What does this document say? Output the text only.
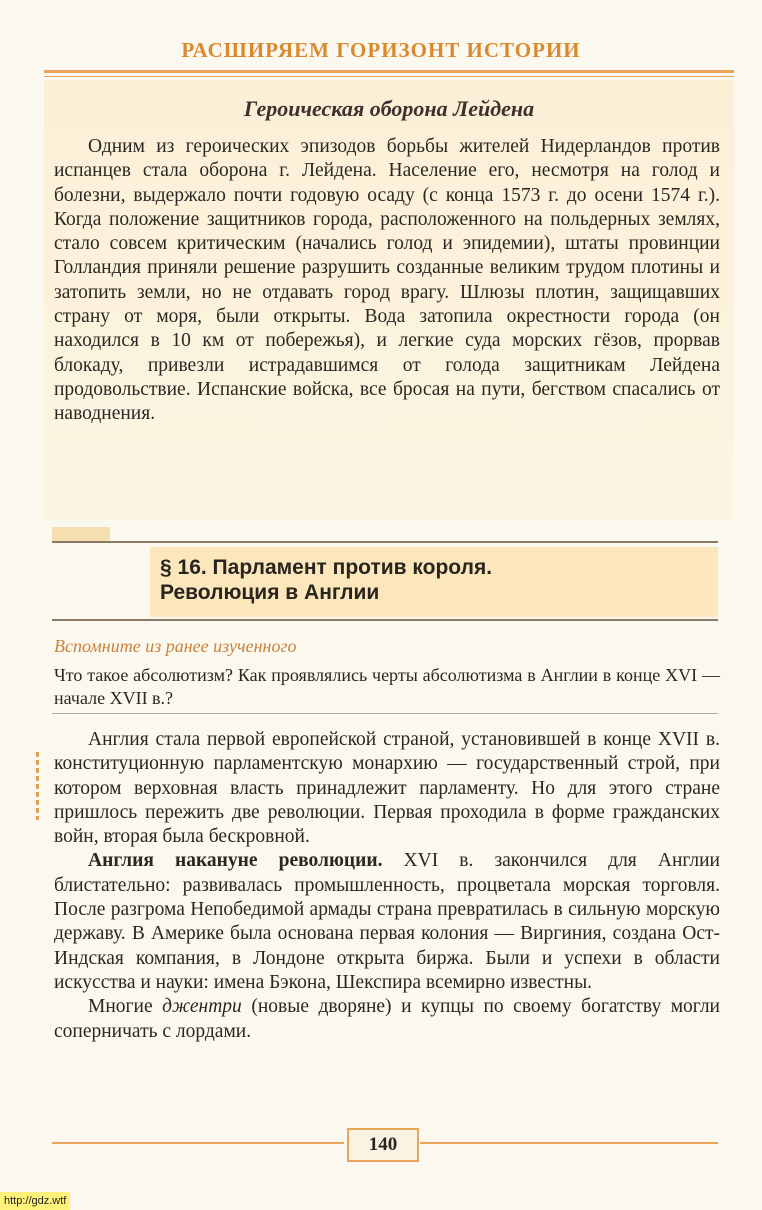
РАСШИРЯЕМ ГОРИЗОНТ ИСТОРИИ
Героическая оборона Лейдена

Одним из героических эпизодов борьбы жителей Нидерландов против испанцев стала оборона г. Лейдена. Население его, несмотря на голод и болезни, выдержало почти годовую осаду (с конца 1573 г. до осени 1574 г.). Когда положение защитников города, расположенного на польдерных землях, стало совсем критическим (начались голод и эпидемии), штаты провинции Голландия приняли решение разрушить созданные великим трудом плотины и затопить земли, но не отдавать город врагу. Шлюзы плотин, защищавших страну от моря, были открыты. Вода затопила окрестности города (он находился в 10 км от побережья), и легкие суда морских гёзов, прорвав блокаду, привезли истрадавшимся от голода защитникам Лейдена продовольствие. Испанские войска, все бросая на пути, бегством спасались от наводнения.

§ 16. Парламент против короля.
Революция в Англии
Вспомните из ранее изученного
Что такое абсолютизм? Как проявлялись черты абсолютизма в Англии в конце XVI — начале XVII в.?

Англия стала первой европейской страной, установившей в конце XVII в. конституционную парламентскую монархию — государственный строй, при котором верховная власть принадлежит парламенту. Но для этого стране пришлось пережить две революции. Первая проходила в форме гражданских войн, вторая была бескровной.

Англия накануне революции. XVI в. закончился для Англии блистательно: развивалась промышленность, процветала морская торговля. После разгрома Непобедимой армады страна превратилась в сильную морскую державу. В Америке была основана первая колония — Виргиния, создана Ост-Индская компания, в Лондоне открыта биржа. Были и успехи в области искусства и науки: имена Бэкона, Шекспира всемирно известны.

Многие джентри (новые дворяне) и купцы по своему богатству могли соперничать с лордами.

140
http://gdz.wtf
